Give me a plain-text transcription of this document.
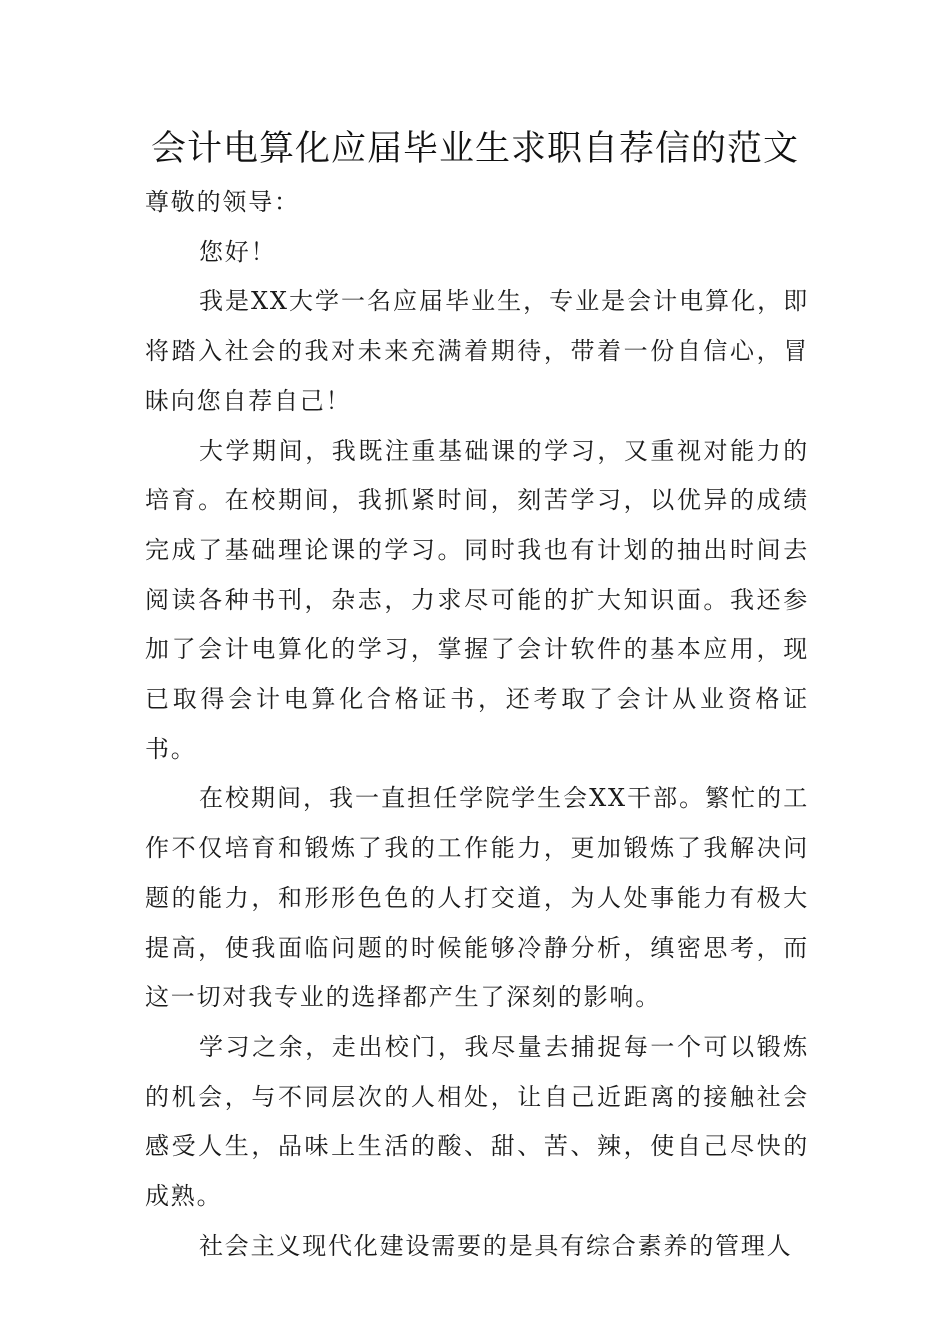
会计电算化应届毕业生求职自荐信的范文

尊敬的领导：

您好！

我是XX大学一名应届毕业生，专业是会计电算化，即将踏入社会的我对未来充满着期待，带着一份自信心，冒昧向您自荐自己！

大学期间，我既注重基础课的学习，又重视对能力的培育。在校期间，我抓紧时间，刻苦学习，以优异的成绩完成了基础理论课的学习。同时我也有计划的抽出时间去阅读各种书刊，杂志，力求尽可能的扩大知识面。我还参加了会计电算化的学习，掌握了会计软件的基本应用，现已取得会计电算化合格证书，还考取了会计从业资格证书。

在校期间，我一直担任学院学生会XX干部。繁忙的工作不仅培育和锻炼了我的工作能力，更加锻炼了我解决问题的能力，和形形色色的人打交道，为人处事能力有极大提高，使我面临问题的时候能够冷静分析，缜密思考，而这一切对我专业的选择都产生了深刻的影响。

学习之余，走出校门，我尽量去捕捉每一个可以锻炼的机会，与不同层次的人相处，让自己近距离的接触社会感受人生，品味上生活的酸、甜、苦、辣，使自己尽快的成熟。

社会主义现代化建设需要的是具有综合素养的管理人
